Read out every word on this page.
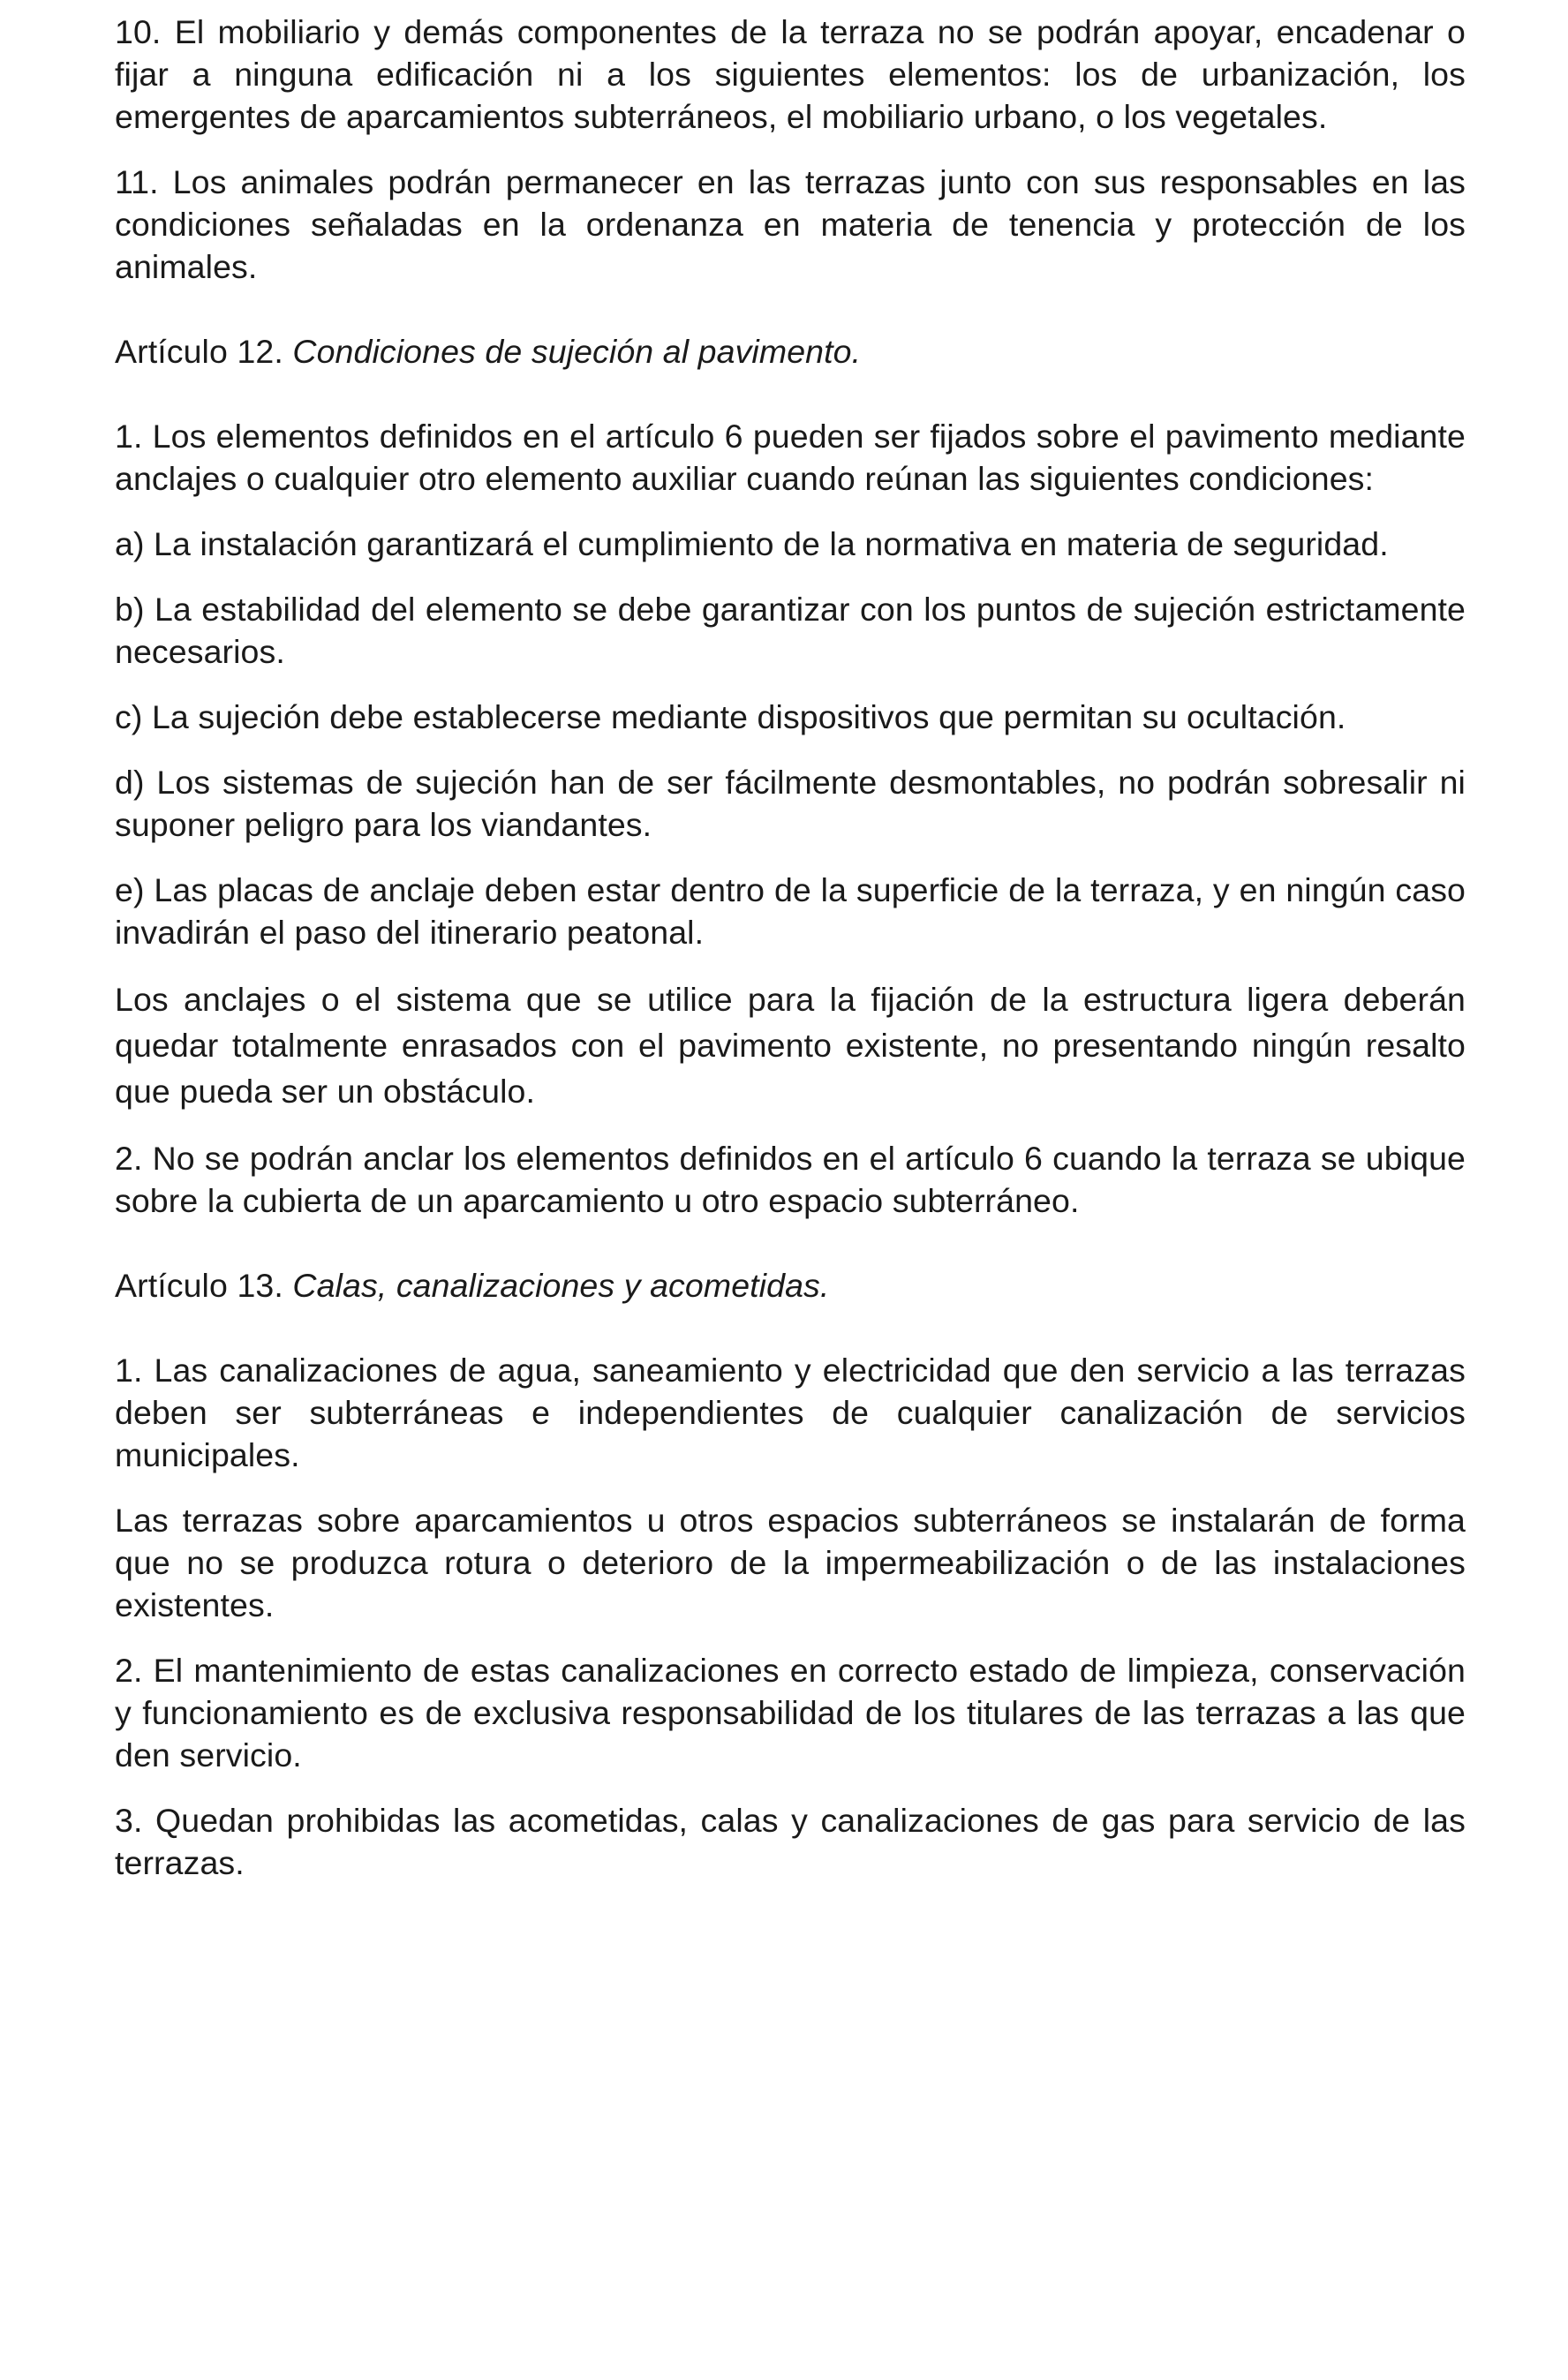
10. El mobiliario y demás componentes de la terraza no se podrán apoyar, encadenar o fijar a ninguna edificación ni a los siguientes elementos: los de urbanización, los emergentes de aparcamientos subterráneos, el mobiliario urbano, o los vegetales.

11. Los animales podrán permanecer en las terrazas junto con sus responsables en las condiciones señaladas en la ordenanza en materia de tenencia y protección de los animales.

Artículo 12. Condiciones de sujeción al pavimento.

1. Los elementos definidos en el artículo 6 pueden ser fijados sobre el pavimento mediante anclajes o cualquier otro elemento auxiliar cuando reúnan las siguientes condiciones:

a) La instalación garantizará el cumplimiento de la normativa en materia de seguridad.

b) La estabilidad del elemento se debe garantizar con los puntos de sujeción estrictamente necesarios.

c) La sujeción debe establecerse mediante dispositivos que permitan su ocultación.

d) Los sistemas de sujeción han de ser fácilmente desmontables, no podrán sobresalir ni suponer peligro para los viandantes.

e) Las placas de anclaje deben estar dentro de la superficie de la terraza, y en ningún caso invadirán el paso del itinerario peatonal.

Los anclajes o el sistema que se utilice para la fijación de la estructura ligera deberán quedar totalmente enrasados con el pavimento existente, no presentando ningún resalto que pueda ser un obstáculo.

2. No se podrán anclar los elementos definidos en el artículo 6 cuando la terraza se ubique sobre la cubierta de un aparcamiento u otro espacio subterráneo.

Artículo 13. Calas, canalizaciones y acometidas.

1. Las canalizaciones de agua, saneamiento y electricidad que den servicio a las terrazas deben ser subterráneas e independientes de cualquier canalización de servicios municipales.

Las terrazas sobre aparcamientos u otros espacios subterráneos se instalarán de forma que no se produzca rotura o deterioro de la impermeabilización o de las instalaciones existentes.

2. El mantenimiento de estas canalizaciones en correcto estado de limpieza, conservación y funcionamiento es de exclusiva responsabilidad de los titulares de las terrazas a las que den servicio.

3. Quedan prohibidas las acometidas, calas y canalizaciones de gas para servicio de las terrazas.
